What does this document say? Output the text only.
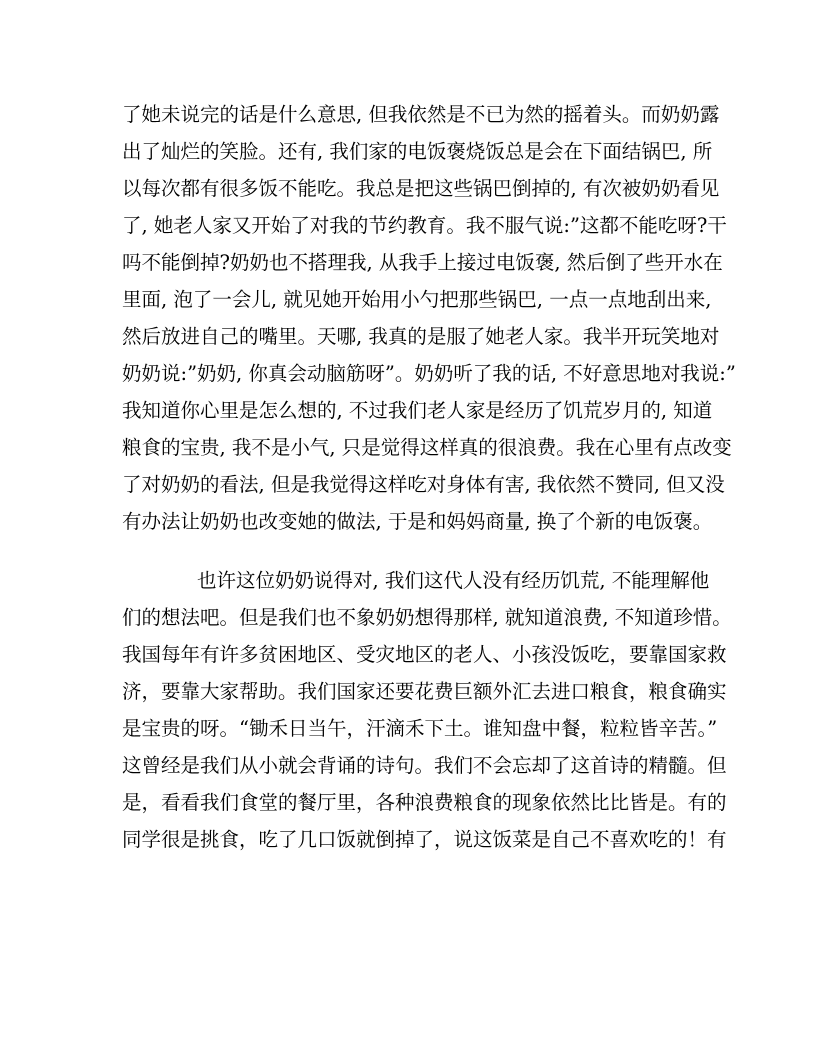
了她未说完的话是什么意思, 但我依然是不已为然的摇着头。而奶奶露
出了灿烂的笑脸。还有, 我们家的电饭褒烧饭总是会在下面结锅巴, 所
以每次都有很多饭不能吃。我总是把这些锅巴倒掉的, 有次被奶奶看见
了, 她老人家又开始了对我的节约教育。我不服气说:”这都不能吃呀?干
吗不能倒掉?奶奶也不搭理我, 从我手上接过电饭褒, 然后倒了些开水在
里面, 泡了一会儿, 就见她开始用小勺把那些锅巴, 一点一点地刮出来,
然后放进自己的嘴里。天哪, 我真的是服了她老人家。我半开玩笑地对
奶奶说:”奶奶, 你真会动脑筋呀”。奶奶听了我的话, 不好意思地对我说:”
我知道你心里是怎么想的, 不过我们老人家是经历了饥荒岁月的, 知道
粮食的宝贵, 我不是小气, 只是觉得这样真的很浪费。我在心里有点改变
了对奶奶的看法, 但是我觉得这样吃对身体有害, 我依然不赞同, 但又没
有办法让奶奶也改变她的做法, 于是和妈妈商量, 换了个新的电饭褒。
也许这位奶奶说得对, 我们这代人没有经历饥荒, 不能理解他
们的想法吧。但是我们也不象奶奶想得那样, 就知道浪费, 不知道珍惜。
我国每年有许多贫困地区、受灾地区的老人、小孩没饭吃，要靠国家救
济，要靠大家帮助。我们国家还要花费巨额外汇去进口粮食，粮食确实
是宝贵的呀。“锄禾日当午，汗滴禾下土。谁知盘中餐，粒粒皆辛苦。”
这曾经是我们从小就会背诵的诗句。我们不会忘却了这首诗的精髓。但
是，看看我们食堂的餐厅里，各种浪费粮食的现象依然比比皆是。有的
同学很是挑食，吃了几口饭就倒掉了，说这饭菜是自己不喜欢吃的！有
